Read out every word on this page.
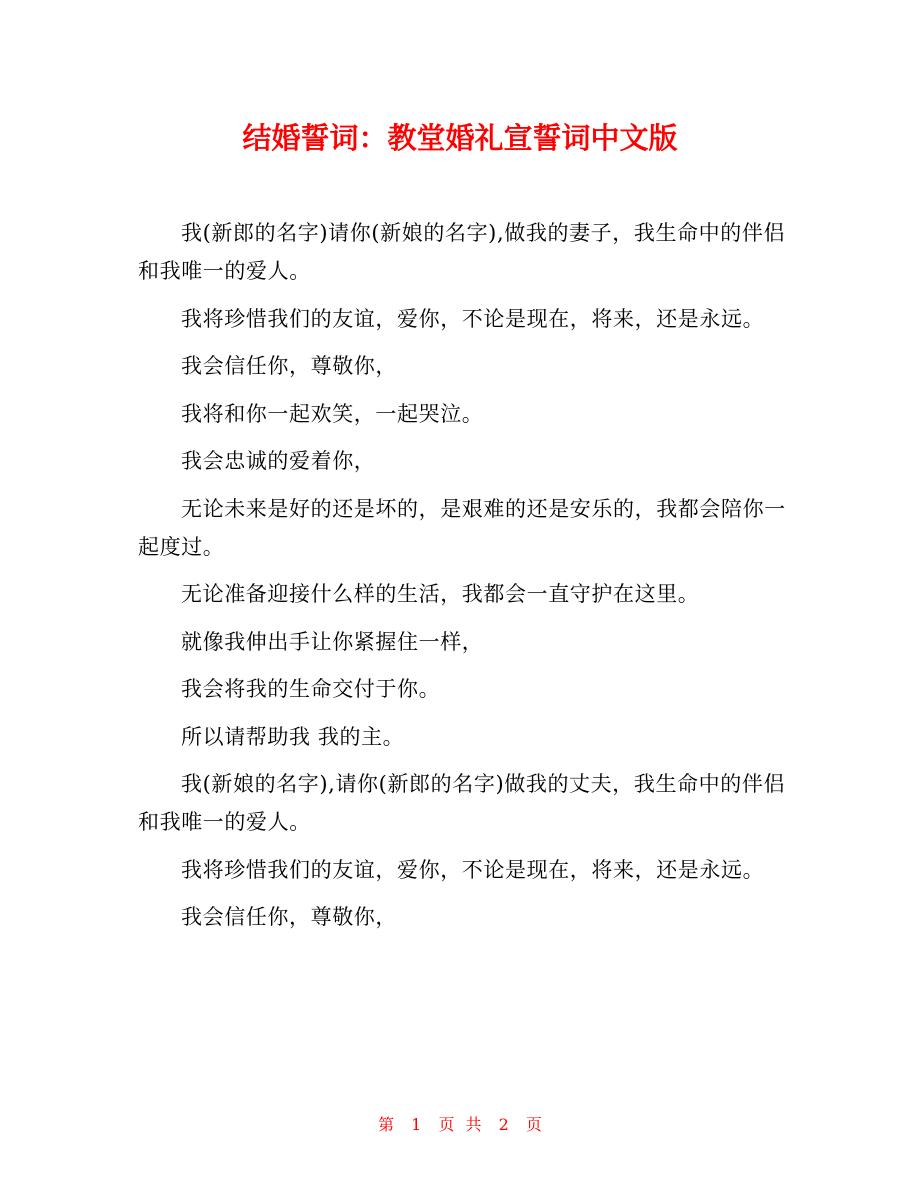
结婚誓词：教堂婚礼宣誓词中文版

我(新郎的名字)请你(新娘的名字),做我的妻子，我生命中的伴侣和我唯一的爱人。

我将珍惜我们的友谊，爱你，不论是现在，将来，还是永远。

我会信任你，尊敬你，

我将和你一起欢笑，一起哭泣。

我会忠诚的爱着你，

无论未来是好的还是坏的，是艰难的还是安乐的，我都会陪你一起度过。

无论准备迎接什么样的生活，我都会一直守护在这里。

就像我伸出手让你紧握住一样，

我会将我的生命交付于你。

所以请帮助我 我的主。

我(新娘的名字),请你(新郎的名字)做我的丈夫，我生命中的伴侣和我唯一的爱人。

我将珍惜我们的友谊，爱你，不论是现在，将来，还是永远。

我会信任你，尊敬你，

第 1 页 共 2 页
